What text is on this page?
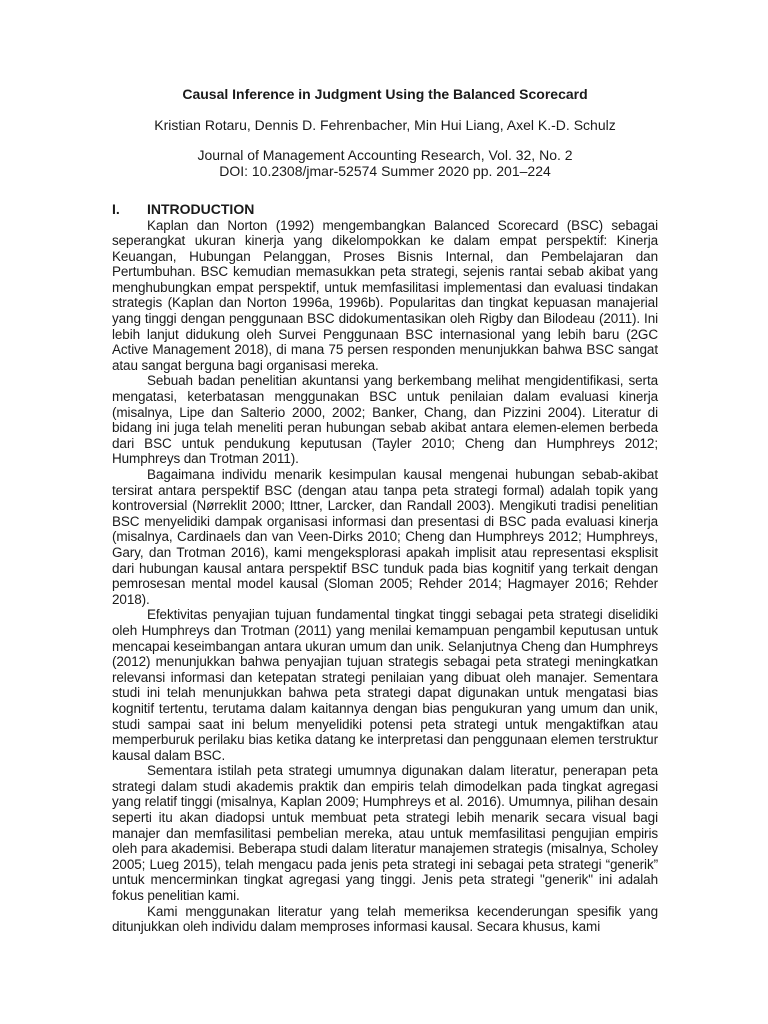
Causal Inference in Judgment Using the Balanced Scorecard

Kristian Rotaru, Dennis D. Fehrenbacher, Min Hui Liang, Axel K.-D. Schulz

Journal of Management Accounting Research, Vol. 32, No. 2

DOI: 10.2308/jmar-52574 Summer 2020 pp. 201–224

I.	INTRODUCTION

Kaplan dan Norton (1992) mengembangkan Balanced Scorecard (BSC) sebagai seperangkat ukuran kinerja yang dikelompokkan ke dalam empat perspektif: Kinerja Keuangan, Hubungan Pelanggan, Proses Bisnis Internal, dan Pembelajaran dan Pertumbuhan. BSC kemudian memasukkan peta strategi, sejenis rantai sebab akibat yang menghubungkan empat perspektif, untuk memfasilitasi implementasi dan evaluasi tindakan strategis (Kaplan dan Norton 1996a, 1996b). Popularitas dan tingkat kepuasan manajerial yang tinggi dengan penggunaan BSC didokumentasikan oleh Rigby dan Bilodeau (2011). Ini lebih lanjut didukung oleh Survei Penggunaan BSC internasional yang lebih baru (2GC Active Management 2018), di mana 75 persen responden menunjukkan bahwa BSC sangat atau sangat berguna bagi organisasi mereka.

Sebuah badan penelitian akuntansi yang berkembang melihat mengidentifikasi, serta mengatasi, keterbatasan menggunakan BSC untuk penilaian dalam evaluasi kinerja (misalnya, Lipe dan Salterio 2000, 2002; Banker, Chang, dan Pizzini 2004). Literatur di bidang ini juga telah meneliti peran hubungan sebab akibat antara elemen-elemen berbeda dari BSC untuk pendukung keputusan (Tayler 2010; Cheng dan Humphreys 2012; Humphreys dan Trotman 2011).

Bagaimana individu menarik kesimpulan kausal mengenai hubungan sebab-akibat tersirat antara perspektif BSC (dengan atau tanpa peta strategi formal) adalah topik yang kontroversial (Nørreklit 2000; Ittner, Larcker, dan Randall 2003). Mengikuti tradisi penelitian BSC menyelidiki dampak organisasi informasi dan presentasi di BSC pada evaluasi kinerja (misalnya, Cardinaels dan van Veen-Dirks 2010; Cheng dan Humphreys 2012; Humphreys, Gary, dan Trotman 2016), kami mengeksplorasi apakah implisit atau representasi eksplisit dari hubungan kausal antara perspektif BSC tunduk pada bias kognitif yang terkait dengan pemrosesan mental model kausal (Sloman 2005; Rehder 2014; Hagmayer 2016; Rehder 2018).

Efektivitas penyajian tujuan fundamental tingkat tinggi sebagai peta strategi diselidiki oleh Humphreys dan Trotman (2011) yang menilai kemampuan pengambil keputusan untuk mencapai keseimbangan antara ukuran umum dan unik. Selanjutnya Cheng dan Humphreys (2012) menunjukkan bahwa penyajian tujuan strategis sebagai peta strategi meningkatkan relevansi informasi dan ketepatan strategi penilaian yang dibuat oleh manajer. Sementara studi ini telah menunjukkan bahwa peta strategi dapat digunakan untuk mengatasi bias kognitif tertentu, terutama dalam kaitannya dengan bias pengukuran yang umum dan unik, studi sampai saat ini belum menyelidiki potensi peta strategi untuk mengaktifkan atau memperburuk perilaku bias ketika datang ke interpretasi dan penggunaan elemen terstruktur kausal dalam BSC.

Sementara istilah peta strategi umumnya digunakan dalam literatur, penerapan peta strategi dalam studi akademis praktik dan empiris telah dimodelkan pada tingkat agregasi yang relatif tinggi (misalnya, Kaplan 2009; Humphreys et al. 2016). Umumnya, pilihan desain seperti itu akan diadopsi untuk membuat peta strategi lebih menarik secara visual bagi manajer dan memfasilitasi pembelian mereka, atau untuk memfasilitasi pengujian empiris oleh para akademisi. Beberapa studi dalam literatur manajemen strategis (misalnya, Scholey 2005; Lueg 2015), telah mengacu pada jenis peta strategi ini sebagai peta strategi “generik” untuk mencerminkan tingkat agregasi yang tinggi. Jenis peta strategi "generik" ini adalah fokus penelitian kami.

Kami menggunakan literatur yang telah memeriksa kecenderungan spesifik yang ditunjukkan oleh individu dalam memproses informasi kausal. Secara khusus, kami
